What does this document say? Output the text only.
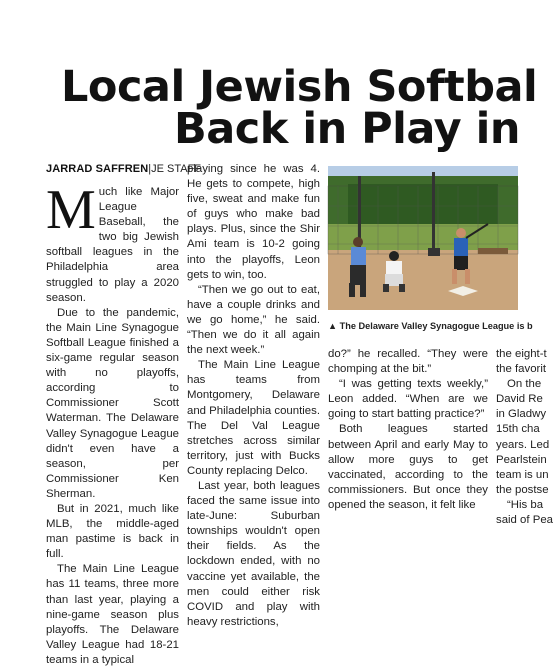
Local Jewish Softbal
Back in Play in
JARRAD SAFFREN|JE STAFF

Much like Major League Baseball, the two big Jewish softball leagues in the Philadelphia area struggled to play a 2020 season.

Due to the pandemic, the Main Line Synagogue Softball League finished a six-game regular season with no playoffs, according to Commissioner Scott Waterman. The Delaware Valley Synagogue League didn't even have a season, per Commissioner Ken Sherman.

But in 2021, much like MLB, the middle-aged man pastime is back in full.

The Main Line League has 11 teams, three more than last year, playing a nine-game season plus playoffs. The Delaware Valley League had 18-21 teams in a typical

playing since he was 4. He gets to compete, high five, sweat and make fun of guys who make bad plays. Plus, since the Shir Ami team is 10-2 going into the playoffs, Leon gets to win, too.

“Then we go out to eat, have a couple drinks and we go home,” he said. “Then we do it all again the next week.”

The Main Line League has teams from Montgomery, Delaware and Philadelphia counties. The Del Val League stretches across similar territory, just with Bucks County replacing Delco.

Last year, both leagues faced the same issue into late-June: Suburban townships wouldn't open their fields. As the lockdown ended, with no vaccine yet available, the men could either risk COVID and play with heavy restrictions,

▲ The Delaware Valley Synagogue League is b

do?” he recalled. “They were chomping at the bit.”

“I was getting texts weekly,” Leon added. “When are we going to start batting practice?”

Both leagues started between April and early May to allow more guys to get vaccinated, according to the commissioners. But once they opened the season, it felt like

the eight-t
the favorit
On the
David Re
in Gladwy
15th cha
years. Led
Pearlstein
team is un
the postse
“His ba
said of Pea
